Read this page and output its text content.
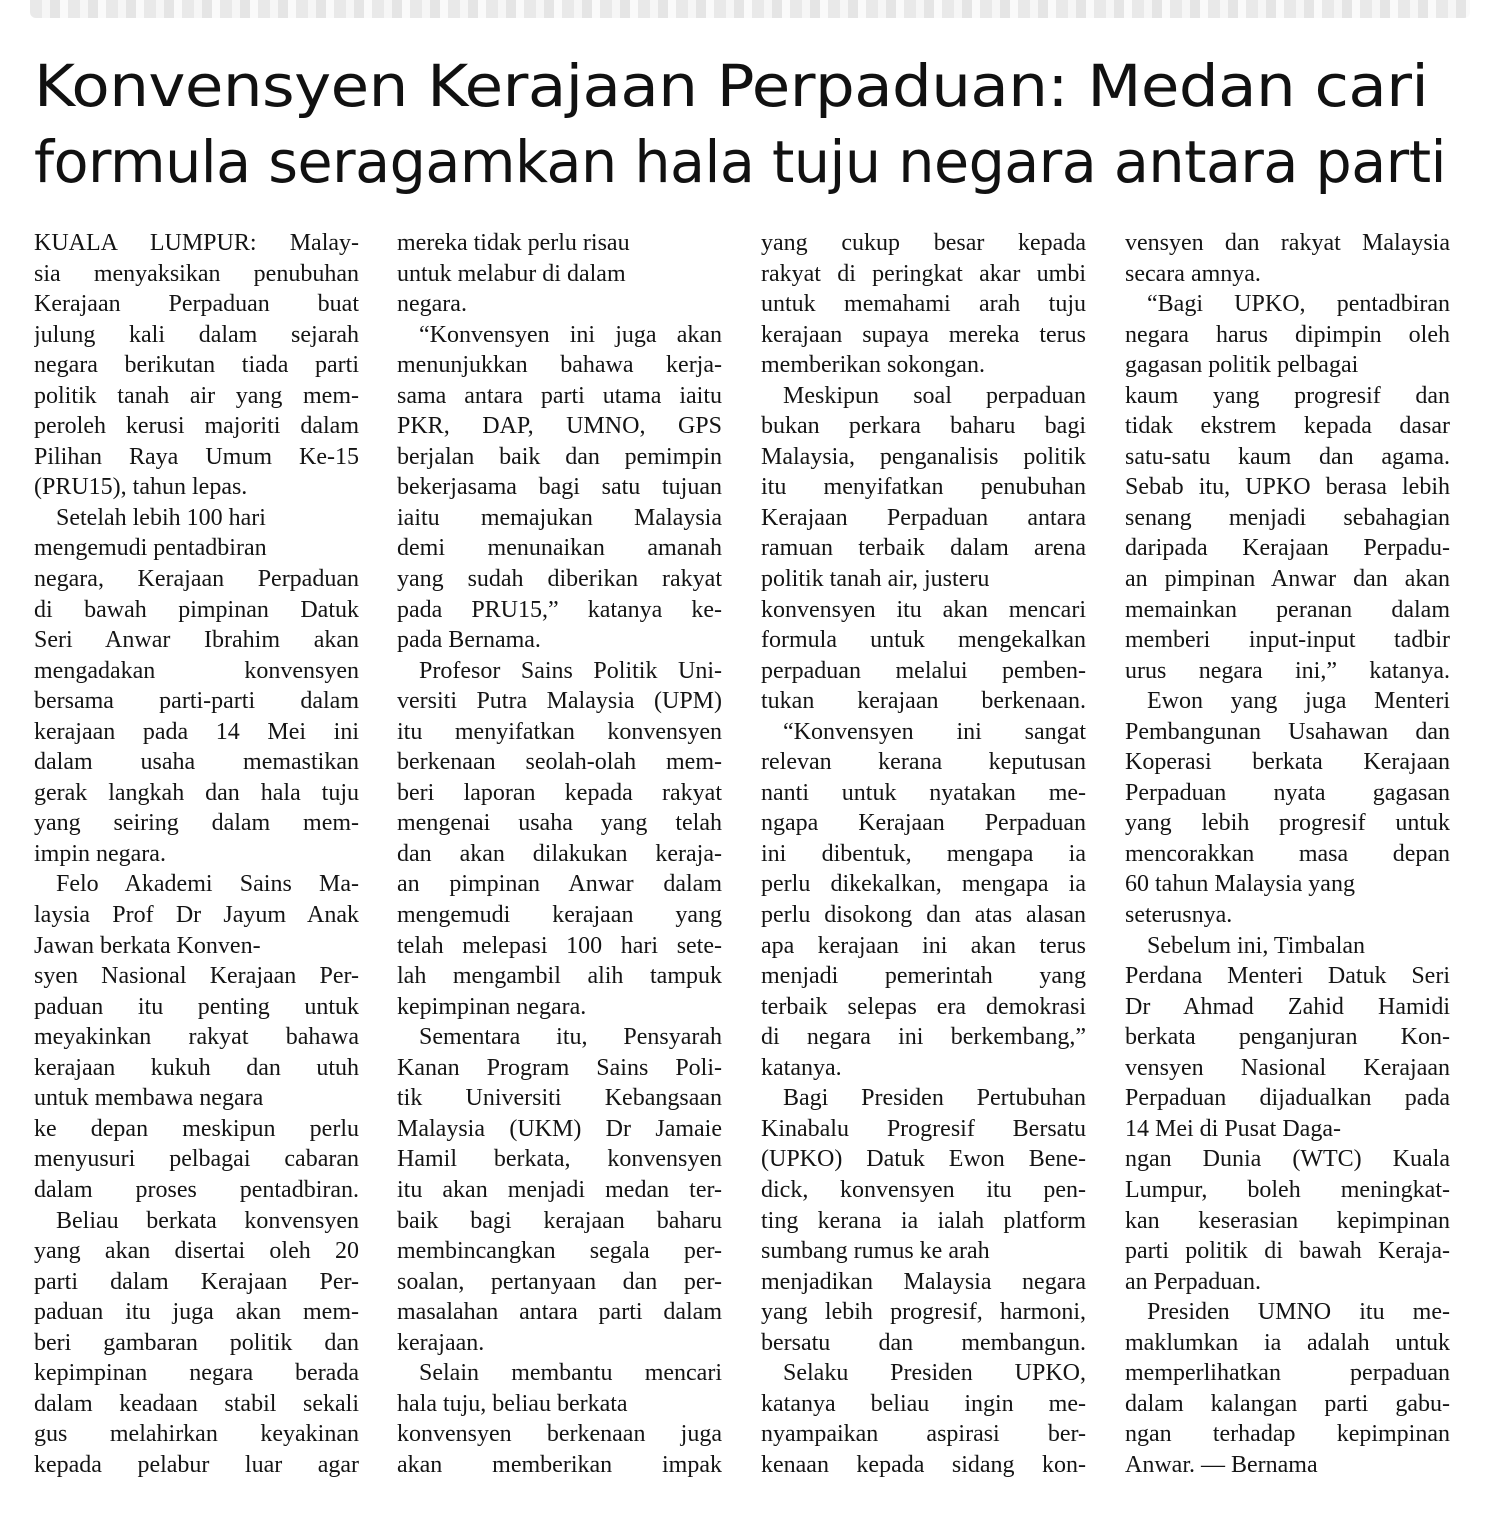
Konvensyen Kerajaan Perpaduan: Medan cari
formula seragamkan hala tuju negara antara parti
KUALA LUMPUR: Malay-
sia menyaksikan penubuhan
Kerajaan Perpaduan buat
julung kali dalam sejarah
negara berikutan tiada parti
politik tanah air yang mem-
peroleh kerusi majoriti dalam
Pilihan Raya Umum Ke-15
(PRU15), tahun lepas.
Setelah lebih 100 hari
mengemudi pentadbiran
negara, Kerajaan Perpaduan
di bawah pimpinan Datuk
Seri Anwar Ibrahim akan
mengadakan konvensyen
bersama parti-parti dalam
kerajaan pada 14 Mei ini
dalam usaha memastikan
gerak langkah dan hala tuju
yang seiring dalam mem-
impin negara.
Felo Akademi Sains Ma-
laysia Prof Dr Jayum Anak
Jawan berkata Konven-
syen Nasional Kerajaan Per-
paduan itu penting untuk
meyakinkan rakyat bahawa
kerajaan kukuh dan utuh
untuk membawa negara
ke depan meskipun perlu
menyusuri pelbagai cabaran
dalam proses pentadbiran.
Beliau berkata konvensyen
yang akan disertai oleh 20
parti dalam Kerajaan Per-
paduan itu juga akan mem-
beri gambaran politik dan
kepimpinan negara berada
dalam keadaan stabil sekali
gus melahirkan keyakinan
kepada pelabur luar agar
mereka tidak perlu risau
untuk melabur di dalam
negara.
“Konvensyen ini juga akan
menunjukkan bahawa kerja-
sama antara parti utama iaitu
PKR, DAP, UMNO, GPS
berjalan baik dan pemimpin
bekerjasama bagi satu tujuan
iaitu memajukan Malaysia
demi menunaikan amanah
yang sudah diberikan rakyat
pada PRU15,” katanya ke-
pada Bernama.
Profesor Sains Politik Uni-
versiti Putra Malaysia (UPM)
itu menyifatkan konvensyen
berkenaan seolah-olah mem-
beri laporan kepada rakyat
mengenai usaha yang telah
dan akan dilakukan keraja-
an pimpinan Anwar dalam
mengemudi kerajaan yang
telah melepasi 100 hari sete-
lah mengambil alih tampuk
kepimpinan negara.
Sementara itu, Pensyarah
Kanan Program Sains Poli-
tik Universiti Kebangsaan
Malaysia (UKM) Dr Jamaie
Hamil berkata, konvensyen
itu akan menjadi medan ter-
baik bagi kerajaan baharu
membincangkan segala per-
soalan, pertanyaan dan per-
masalahan antara parti dalam
kerajaan.
Selain membantu mencari
hala tuju, beliau berkata
konvensyen berkenaan juga
akan memberikan impak
yang cukup besar kepada
rakyat di peringkat akar umbi
untuk memahami arah tuju
kerajaan supaya mereka terus
memberikan sokongan.
Meskipun soal perpaduan
bukan perkara baharu bagi
Malaysia, penganalisis politik
itu menyifatkan penubuhan
Kerajaan Perpaduan antara
ramuan terbaik dalam arena
politik tanah air, justeru
konvensyen itu akan mencari
formula untuk mengekalkan
perpaduan melalui pemben-
tukan kerajaan berkenaan.
“Konvensyen ini sangat
relevan kerana keputusan
nanti untuk nyatakan me-
ngapa Kerajaan Perpaduan
ini dibentuk, mengapa ia
perlu dikekalkan, mengapa ia
perlu disokong dan atas alasan
apa kerajaan ini akan terus
menjadi pemerintah yang
terbaik selepas era demokrasi
di negara ini berkembang,”
katanya.
Bagi Presiden Pertubuhan
Kinabalu Progresif Bersatu
(UPKO) Datuk Ewon Bene-
dick, konvensyen itu pen-
ting kerana ia ialah platform
sumbang rumus ke arah
menjadikan Malaysia negara
yang lebih progresif, harmoni,
bersatu dan membangun.
Selaku Presiden UPKO,
katanya beliau ingin me-
nyampaikan aspirasi ber-
kenaan kepada sidang kon-
vensyen dan rakyat Malaysia
secara amnya.
“Bagi UPKO, pentadbiran
negara harus dipimpin oleh
gagasan politik pelbagai
kaum yang progresif dan
tidak ekstrem kepada dasar
satu-satu kaum dan agama.
Sebab itu, UPKO berasa lebih
senang menjadi sebahagian
daripada Kerajaan Perpadu-
an pimpinan Anwar dan akan
memainkan peranan dalam
memberi input-input tadbir
urus negara ini,” katanya.
Ewon yang juga Menteri
Pembangunan Usahawan dan
Koperasi berkata Kerajaan
Perpaduan nyata gagasan
yang lebih progresif untuk
mencorakkan masa depan
60 tahun Malaysia yang
seterusnya.
Sebelum ini, Timbalan
Perdana Menteri Datuk Seri
Dr Ahmad Zahid Hamidi
berkata penganjuran Kon-
vensyen Nasional Kerajaan
Perpaduan dijadualkan pada
14 Mei di Pusat Daga-
ngan Dunia (WTC) Kuala
Lumpur, boleh meningkat-
kan keserasian kepimpinan
parti politik di bawah Keraja-
an Perpaduan.
Presiden UMNO itu me-
maklumkan ia adalah untuk
memperlihatkan perpaduan
dalam kalangan parti gabu-
ngan terhadap kepimpinan
Anwar. — Bernama
